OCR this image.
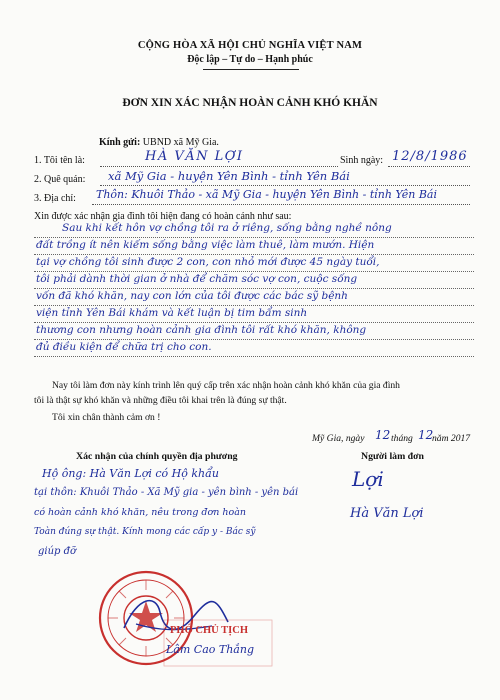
CỘNG HÒA XÃ HỘI CHỦ NGHĨA VIỆT NAM
Độc lập – Tự do – Hạnh phúc
ĐƠN XIN XÁC NHẬN HOÀN CẢNH KHÓ KHĂN
Kính gửi: UBND xã Mỹ Gia.
1. Tôi tên là:	HÀ VĂN LỢI	Sinh ngày: 12/8/1986
2. Quê quán: xã Mỹ Gia - huyện Yên Bình - tỉnh Yên Bái
3. Địa chỉ: Thôn: Khuôi Thảo - xã Mỹ Gia - huyện Yên Bình - tỉnh Yên Bái
Xin được xác nhận gia đình tôi hiện đang có hoàn cảnh như sau:
Sau khi kết hôn vợ chồng tôi ra ở riêng, sống bằng nghề nông
đất trồng ít nên kiếm sống bằng việc làm thuê, làm mướn. Hiện
tại vợ chồng tôi sinh được 2 con, con nhỏ mới được 45 ngày tuổi,
tôi phải dành thời gian ở nhà để chăm sóc vợ con, cuộc sống
vốn đã khó khăn, nay con lớn của tôi được các bác sỹ bệnh
viện tỉnh Yên Bái khám và kết luận bị tim bẩm sinh
thương con nhưng hoàn cảnh gia đình tôi rất khó khăn, không
đủ điều kiện để chữa trị cho con.
Nay tôi làm đơn này kính trình lên quý cấp trên xác nhận hoàn cảnh khó khăn của gia đình
tôi là thật sự khó khăn và những điều tôi khai trên là đúng sự thật.
Tôi xin chân thành cảm ơn !
Mỹ Gia, ngày 12 tháng 12
năm 2017
Xác nhận của chính quyền địa phương	Người làm đơn
Hộ ông: Hà Văn Lợi có Hộ khẩu
tại thôn: Khuôi Thảo - Xã Mỹ gia - yên bình - yên bái
có hoàn cảnh khó khăn, nêu trong đơn hoàn
Toàn đúng sự thật. Kính mong các cấp y - Bác sỹ
giúp đỡ
Lợi
Hà Văn Lợi
PHÓ CHỦ TỊCH
Lâm Cao Thắng
